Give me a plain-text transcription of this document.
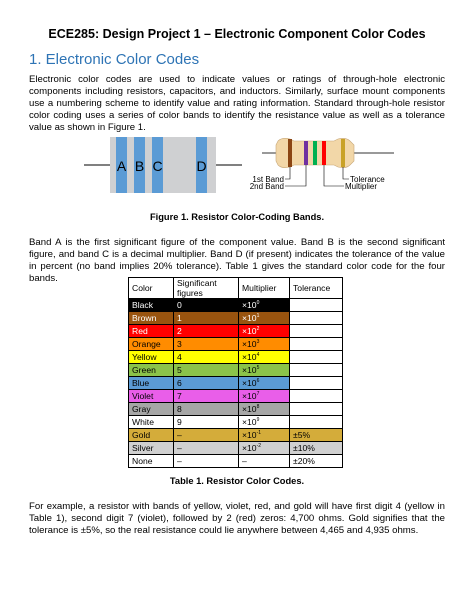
ECE285: Design Project 1 – Electronic Component Color Codes
1. Electronic Color Codes

Electronic color codes are used to indicate values or ratings of through-hole electronic components including resistors, capacitors, and inductors. Similarly, surface mount components use a numbering scheme to identify value and rating information. Standard through-hole resistor color coding uses a series of color bands to identify the resistance value as well as a tolerance value as shown in Figure 1.

A B C D
1st Band
2nd Band
Tolerance
Multiplier
Figure 1. Resistor Color-Coding Bands.

Band A is the first significant figure of the component value. Band B is the second significant figure, and band C is a decimal multiplier. Band D (if present) indicates the tolerance of the value in percent (no band implies 20% tolerance). Table 1 gives the standard color code for the four bands.

Color	Significant figures	Multiplier	Tolerance
Black	0	$\times 10^0$	
Brown	1	$\times 10^1$	
Red	2	$\times 10^2$	
Orange	3	$\times 10^3$	
Yellow	4	$\times 10^4$	
Green	5	$\times 10^5$	
Blue	6	$\times 10^6$	
Violet	7	$\times 10^7$	
Gray	8	$\times 10^8$	
White	9	$\times 10^9$	
Gold	–	$\times 10^{-1}$	±5%
Silver	–	$\times 10^{-2}$	±10%
None	–	–	±20%
Table 1. Resistor Color Codes.

For example, a resistor with bands of yellow, violet, red, and gold will have first digit 4 (yellow in Table 1), second digit 7 (violet), followed by 2 (red) zeros: 4,700 ohms. Gold signifies that the tolerance is ±5%, so the real resistance could lie anywhere between 4,465 and 4,935 ohms.
